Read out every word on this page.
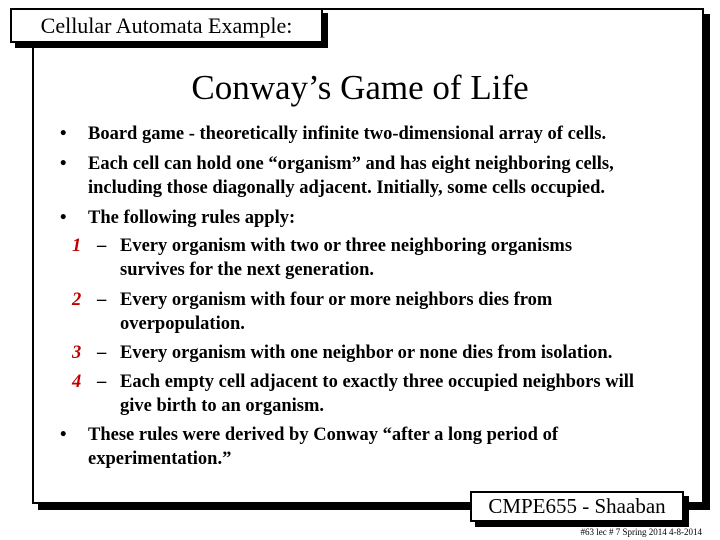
Cellular Automata Example:
Conway’s Game of Life
• Board game - theoretically infinite two-dimensional array of cells.
• Each cell can hold one “organism” and has eight neighboring cells,
including those diagonally adjacent. Initially, some cells occupied.
• The following rules apply:
1 – Every organism with two or three neighboring organisms
survives for the next generation.
2 – Every organism with four or more neighbors dies from
overpopulation.
3 – Every organism with one neighbor or none dies from isolation.
4 – Each empty cell adjacent to exactly three occupied neighbors will
give birth to an organism.
• These rules were derived by Conway “after a long period of
experimentation.”
CMPE655 - Shaaban
#63 lec # 7 Spring 2014 4-8-2014
